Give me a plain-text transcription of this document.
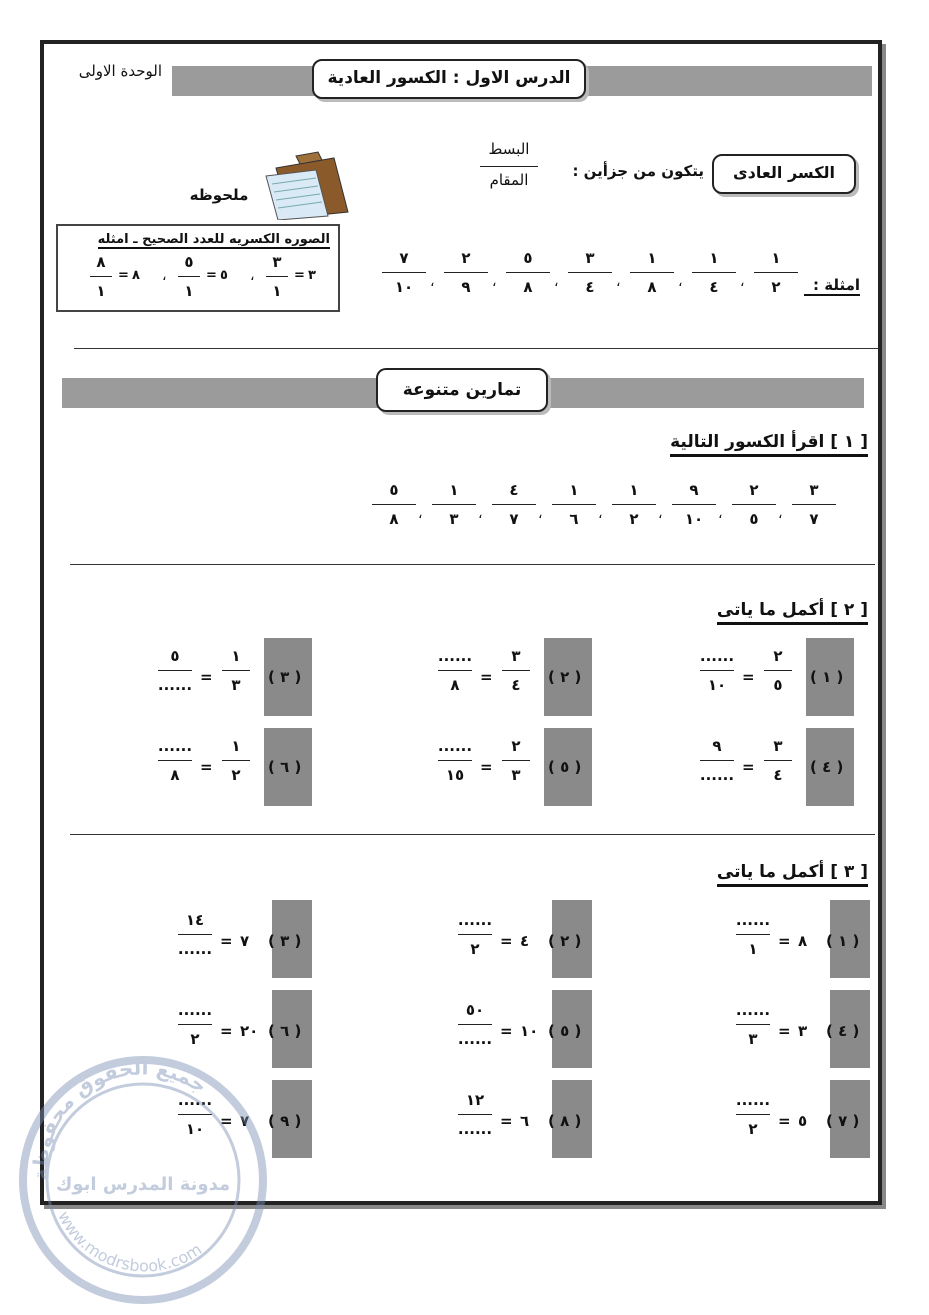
الوحدة الاولى	الدرس الاول : الكسور العادية
الكسر العادى
يتكون من جزأين :
البسط
المقام
ملحوظه
الصوره الكسريه للعدد الصحيح ـ امثله
٣
=
٣
١
،
٥
=
٥
١
،
٨
=
٨
١	امثلة :
١
٢
،
١
٤
،
١
٨
،
٣
٤
،
٥
٨
،
٢
٩
،
٧
١٠
تمارين متنوعة
[ ١ ] اقرأ الكسور التالية
٣
٧
،
٢
٥
،
٩
١٠
،
١
٢
،
١
٦
،
٤
٧
،
١
٣
،
٥
٨
[ ٢ ] أكمل ما ياتى
( ١ )
٢
٥
=
......
١٠
( ٢ )
٣
٤
=
......
٨
( ٣ )
١
٣
=
٥
......
( ٤ )
٣
٤
=
٩
......
( ٥ )
٢
٣
=
......
١٥
( ٦ )
١
٢
=
......
٨
[ ٣ ] أكمل ما ياتى
( ١ )
٨
=
......
١
( ٢ )
٤
=
......
٢
( ٣ )
٧
=
١٤
......
( ٤ )
٣
=
......
٣
( ٥ )
١٠
=
٥٠
......
( ٦ )
٢٠
=
......
٢
( ٧ )
٥
=
......
٢
( ٨ )
٦
=
١٢
......
( ٩ )
٧
=
......
١٠
جميع الحقوق محفوظة
مدونة المدرس ابوك
www.modrsbook.com
